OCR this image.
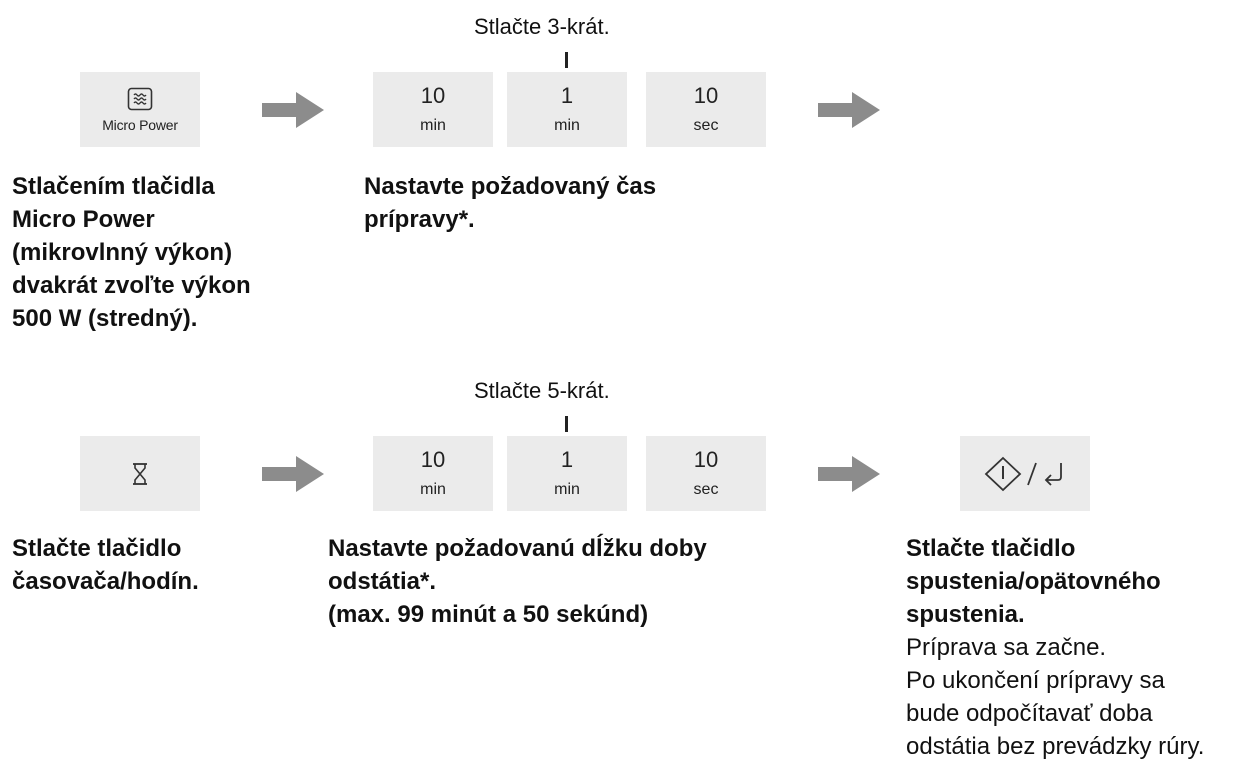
Stlačte 3-krát.
Micro Power
10
min
1
min
10
sec
Stlačením tlačidla
Micro Power
(mikrovlnný výkon)
dvakrát zvoľte výkon
500 W (stredný).
Nastavte požadovaný čas
prípravy*.
Stlačte 5-krát.
10
min
1
min
10
sec
Stlačte tlačidlo
časovača/hodín.
Nastavte požadovanú dĺžku doby
odstátia*.
(max. 99 minút a 50 sekúnd)
Stlačte tlačidlo
spustenia/opätovného
spustenia.
Príprava sa začne.
Po ukončení prípravy sa
bude odpočítavať doba
odstátia bez prevádzky rúry.
